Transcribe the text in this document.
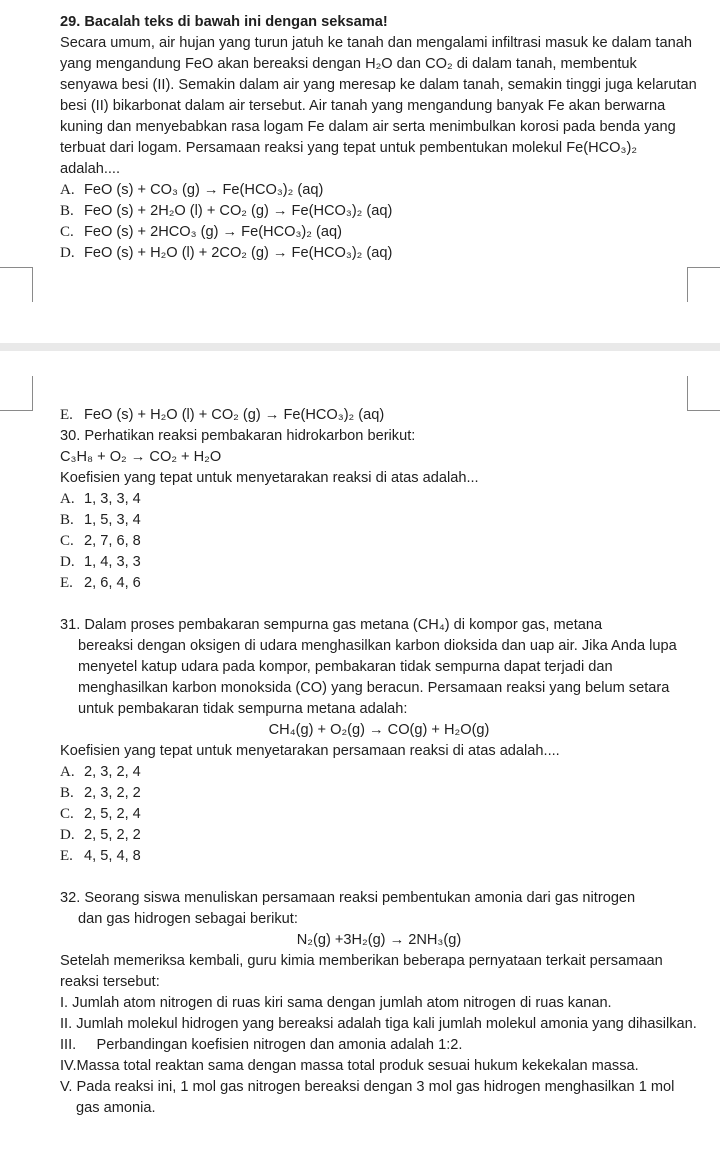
29. Bacalah teks di bawah ini dengan seksama!

Secara umum, air hujan yang turun jatuh ke tanah dan mengalami infiltrasi masuk ke dalam tanah yang mengandung FeO akan bereaksi dengan H₂O dan CO₂ di dalam tanah, membentuk senyawa besi (II). Semakin dalam air yang meresap ke dalam tanah, semakin tinggi juga kelarutan besi (II) bikarbonat dalam air tersebut. Air tanah yang mengandung banyak Fe akan berwarna kuning dan menyebabkan rasa logam Fe dalam air serta menimbulkan korosi pada benda yang terbuat dari logam. Persamaan reaksi yang tepat untuk pembentukan molekul Fe(HCO₃)₂ adalah....

A. FeO (s) + CO₃ (g) → Fe(HCO₃)₂ (aq)
B. FeO (s) + 2H₂O (l) + CO₂ (g) → Fe(HCO₃)₂ (aq)
C. FeO (s) + 2HCO₃ (g) → Fe(HCO₃)₂ (aq)
D. FeO (s) + H₂O (l) + 2CO₂ (g) → Fe(HCO₃)₂ (aq)
E. FeO (s) + H₂O (l) + CO₂ (g) → Fe(HCO₃)₂ (aq)
30. Perhatikan reaksi pembakaran hidrokarbon berikut:
C₃H₈ + O₂ → CO₂ + H₂O
Koefisien yang tepat untuk menyetarakan reaksi di atas adalah...
A. 1, 3, 3, 4
B. 1, 5, 3, 4
C. 2, 7, 6, 8
D. 1, 4, 3, 3
E. 2, 6, 4, 6
31. Dalam proses pembakaran sempurna gas metana (CH₄) di kompor gas, metana

bereaksi dengan oksigen di udara menghasilkan karbon dioksida dan uap air. Jika Anda lupa menyetel katup udara pada kompor, pembakaran tidak sempurna dapat terjadi dan menghasilkan karbon monoksida (CO) yang beracun. Persamaan reaksi yang belum setara untuk pembakaran tidak sempurna metana adalah:

CH₄(g) + O₂(g) → CO(g) + H₂O(g)
Koefisien yang tepat untuk menyetarakan persamaan reaksi di atas adalah....
A. 2, 3, 2, 4
B. 2, 3, 2, 2
C. 2, 5, 2, 4
D. 2, 5, 2, 2
E. 4, 5, 4, 8
32. Seorang siswa menuliskan persamaan reaksi pembentukan amonia dari gas nitrogen
dan gas hidrogen sebagai berikut:
N₂(g) +3H₂(g) → 2NH₃(g)

Setelah memeriksa kembali, guru kimia memberikan beberapa pernyataan terkait persamaan reaksi tersebut:

I. Jumlah atom nitrogen di ruas kiri sama dengan jumlah atom nitrogen di ruas kanan.
II. Jumlah molekul hidrogen yang bereaksi adalah tiga kali jumlah molekul amonia yang dihasilkan.
III.     Perbandingan koefisien nitrogen dan amonia adalah 1:2.
IV.Massa total reaktan sama dengan massa total produk sesuai hukum kekekalan massa.
V. Pada reaksi ini, 1 mol gas nitrogen bereaksi dengan 3 mol gas hidrogen menghasilkan 1 mol gas amonia.
